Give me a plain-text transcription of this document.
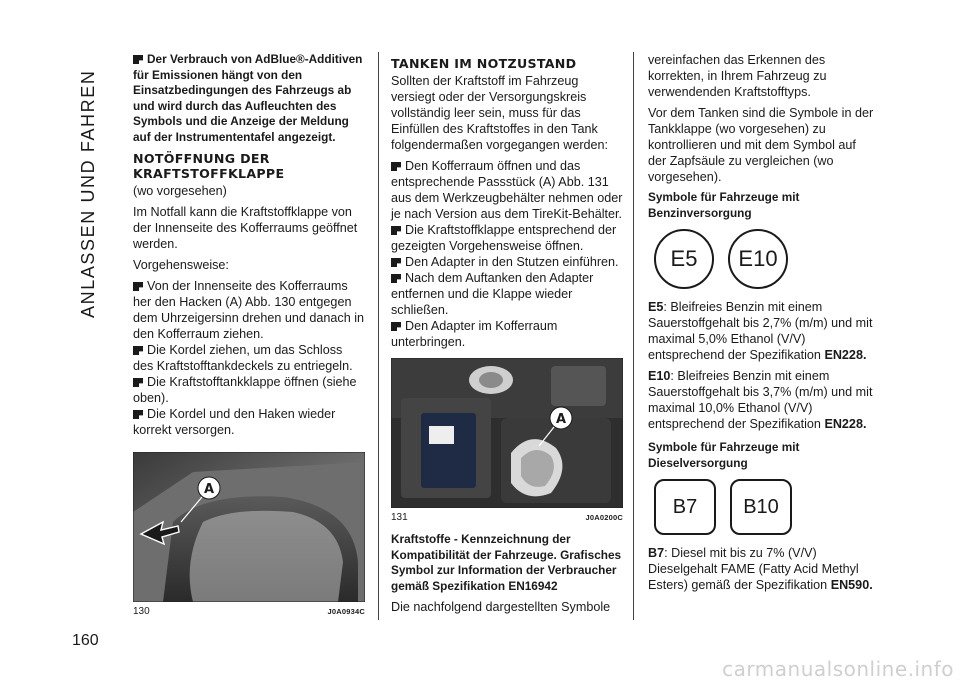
ANLASSEN UND FAHREN
160

Der Verbrauch von AdBlue®-Additiven für Emissionen hängt von den Einsatzbedingungen des Fahrzeugs ab und wird durch das Aufleuchten des Symbols und die Anzeige der Meldung auf der Instrumententafel angezeigt.

NOTÖFFNUNG DER KRAFTSTOFFKLAPPE

(wo vorgesehen)

Im Notfall kann die Kraftstoffklappe von der Innenseite des Kofferraums geöffnet werden.

Vorgehensweise:

Von der Innenseite des Kofferraums her den Hacken (A) Abb. 130 entgegen dem Uhrzeigersinn drehen und danach in den Kofferraum ziehen.
Die Kordel ziehen, um das Schloss des Kraftstofftankdeckels zu entriegeln.
Die Kraftstofftankklappe öffnen (siehe oben).
Die Kordel und den Haken wieder korrekt versorgen.
A
130	J0A0934C
TANKEN IM NOTZUSTAND

Sollten der Kraftstoff im Fahrzeug versiegt oder der Versorgungskreis vollständig leer sein, muss für das Einfüllen des Kraftstoffes in den Tank folgendermaßen vorgegangen werden:

Den Kofferraum öffnen und das entsprechende Passstück (A) Abb. 131 aus dem Werkzeugbehälter nehmen oder je nach Version aus dem TireKit-Behälter.
Die Kraftstoffklappe entsprechend der gezeigten Vorgehensweise öffnen.
Den Adapter in den Stutzen einführen.
Nach dem Auftanken den Adapter entfernen und die Klappe wieder schließen.
Den Adapter im Kofferraum unterbringen.
A
131	J0A0200C

Kraftstoffe - Kennzeichnung der Kompatibilität der Fahrzeuge. Grafisches Symbol zur Information der Verbraucher gemäß Spezifikation EN16942

Die nachfolgend dargestellten Symbole

vereinfachen das Erkennen des korrekten, in Ihrem Fahrzeug zu verwendenden Kraftstofftyps.

Vor dem Tanken sind die Symbole in der Tankklappe (wo vorgesehen) zu kontrollieren und mit dem Symbol auf der Zapfsäule zu vergleichen (wo vorgesehen).

Symbole für Fahrzeuge mit Benzinversorgung

E5	E10

E5: Bleifreies Benzin mit einem Sauerstoffgehalt bis 2,7% (m/m) und mit maximal 5,0% Ethanol (V/V) entsprechend der Spezifikation EN228.

E10: Bleifreies Benzin mit einem Sauerstoffgehalt bis 3,7% (m/m) und mit maximal 10,0% Ethanol (V/V) entsprechend der Spezifikation EN228.

Symbole für Fahrzeuge mit Dieselversorgung

B7	B10

B7: Diesel mit bis zu 7% (V/V) Dieselgehalt FAME (Fatty Acid Methyl Esters) gemäß der Spezifikation EN590.

carmanualsonline.info
